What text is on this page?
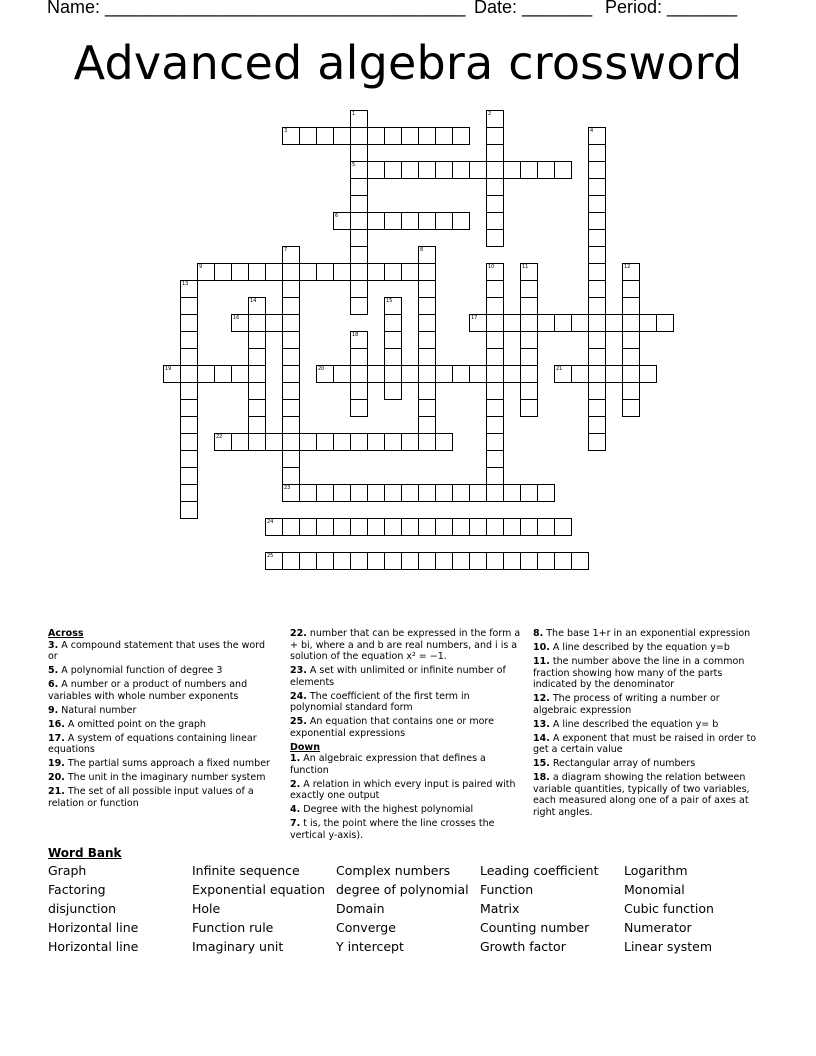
Name: ____________________________________ Date: _______ Period: _______
Advanced algebra crossword
1
5
2
3	4
6
7	8
9	10	11	12
13
14	15
16	17
18
19	20	21
22
23
24
25
Across
3. A compound statement that uses the word or
5. A polynomial function of degree 3
6. A number or a product of numbers and variables with whole number exponents
9. Natural number
16. A omitted point on the graph
17. A system of equations containing linear equations
19. The partial sums approach a fixed number
20. The unit in the imaginary number system
21. The set of all possible input values of a relation or function
22. number that can be expressed in the form a + bi, where a and b are real numbers, and i is a solution of the equation x² = −1.
23. A set with unlimited or infinite number of elements
24. The coefficient of the first term in polynomial standard form
25. An equation that contains one or more exponential expressions
Down
1. An algebraic expression that defines a function
2. A relation in which every input is paired with exactly one output
4. Degree with the highest polynomial
7. t is, the point where the line crosses the vertical y-axis).
8. The base 1+r in an exponential expression
10. A line described by the equation y=b
11. the number above the line in a common fraction showing how many of the parts indicated by the denominator
12. The process of writing a number or algebraic expression
13. A line described the equation y= b
14. A exponent that must be raised in order to get a certain value
15. Rectangular array of numbers
18. a diagram showing the relation between variable quantities, typically of two variables, each measured along one of a pair of axes at right angles.
Word Bank
Graph
Factoring
disjunction
Horizontal line
Horizontal line
Infinite sequence
Exponential equation
Hole
Function rule
Imaginary unit
Complex numbers
degree of polynomial
Domain
Converge
Y intercept
Leading coefficient
Function
Matrix
Counting number
Growth factor
Logarithm
Monomial
Cubic function
Numerator
Linear system
